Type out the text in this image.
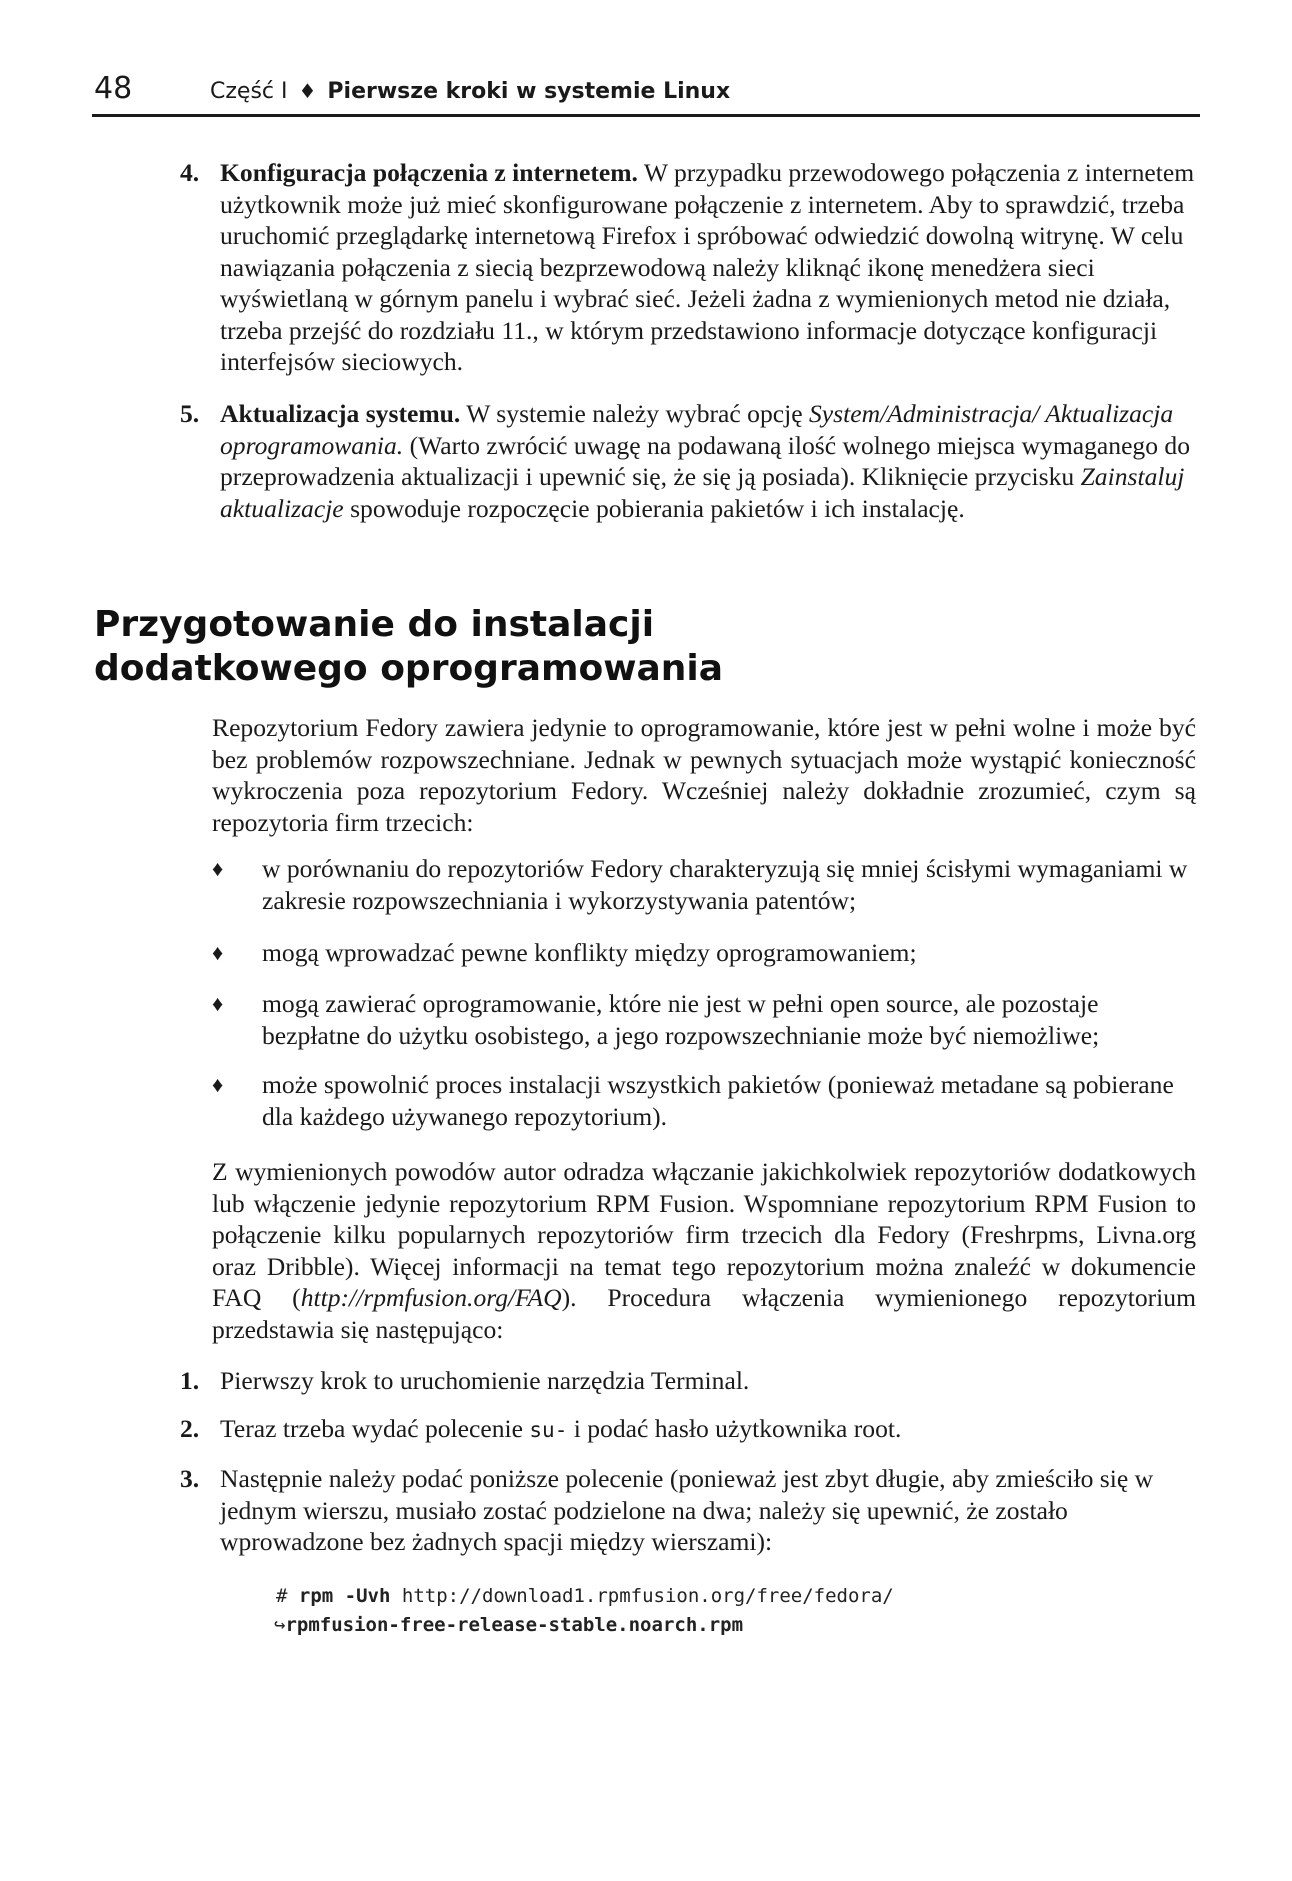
48	Część I ♦ Pierwsze kroki w systemie Linux
4. Konfiguracja połączenia z internetem. W przypadku przewodowego połączenia z internetem użytkownik może już mieć skonfigurowane połączenie z internetem. Aby to sprawdzić, trzeba uruchomić przeglądarkę internetową Firefox i spróbować odwiedzić dowolną witrynę. W celu nawiązania połączenia z siecią bezprzewodową należy kliknąć ikonę menedżera sieci wyświetlaną w górnym panelu i wybrać sieć. Jeżeli żadna z wymienionych metod nie działa, trzeba przejść do rozdziału 11., w którym przedstawiono informacje dotyczące konfiguracji interfejsów sieciowych.
5. Aktualizacja systemu. W systemie należy wybrać opcję System/Administracja/ Aktualizacja oprogramowania. (Warto zwrócić uwagę na podawaną ilość wolnego miejsca wymaganego do przeprowadzenia aktualizacji i upewnić się, że się ją posiada). Kliknięcie przycisku Zainstaluj aktualizacje spowoduje rozpoczęcie pobierania pakietów i ich instalację.
Przygotowanie do instalacji
dodatkowego oprogramowania
Repozytorium Fedory zawiera jedynie to oprogramowanie, które jest w pełni wolne i może być bez problemów rozpowszechniane. Jednak w pewnych sytuacjach może wystąpić konieczność wykroczenia poza repozytorium Fedory. Wcześniej należy dokładnie zrozumieć, czym są repozytoria firm trzecich:
♦ w porównaniu do repozytoriów Fedory charakteryzują się mniej ścisłymi wymaganiami w zakresie rozpowszechniania i wykorzystywania patentów;
♦ mogą wprowadzać pewne konflikty między oprogramowaniem;
♦ mogą zawierać oprogramowanie, które nie jest w pełni open source, ale pozostaje bezpłatne do użytku osobistego, a jego rozpowszechnianie może być niemożliwe;
♦ może spowolnić proces instalacji wszystkich pakietów (ponieważ metadane są pobierane dla każdego używanego repozytorium).
Z wymienionych powodów autor odradza włączanie jakichkolwiek repozytoriów dodatkowych lub włączenie jedynie repozytorium RPM Fusion. Wspomniane repozytorium RPM Fusion to połączenie kilku popularnych repozytoriów firm trzecich dla Fedory (Freshrpms, Livna.org oraz Dribble). Więcej informacji na temat tego repozytorium można znaleźć w dokumencie FAQ (http://rpmfusion.org/FAQ). Procedura włączenia wymienionego repozytorium przedstawia się następująco:
1. Pierwszy krok to uruchomienie narzędzia Terminal.
2. Teraz trzeba wydać polecenie su- i podać hasło użytkownika root.
3. Następnie należy podać poniższe polecenie (ponieważ jest zbyt długie, aby zmieściło się w jednym wierszu, musiało zostać podzielone na dwa; należy się upewnić, że zostało wprowadzone bez żadnych spacji między wierszami):
# rpm -Uvh http://download1.rpmfusion.org/free/fedora/
↪rpmfusion-free-release-stable.noarch.rpm
